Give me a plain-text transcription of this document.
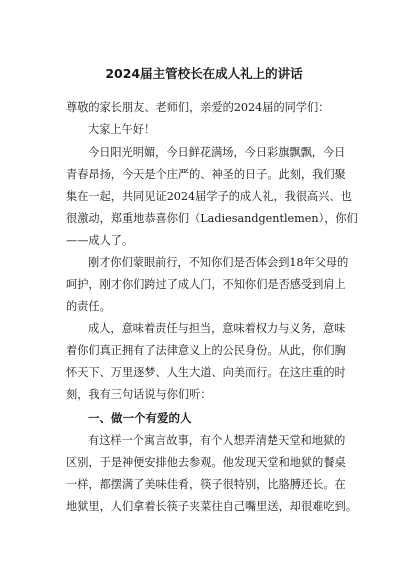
2024届主管校长在成人礼上的讲话
尊敬的家长朋友、老师们，亲爱的2024届的同学们：
大家上午好！
今日阳光明媚，今日鲜花满场，今日彩旗飘飘，今日
青春昂扬，今天是个庄严的、神圣的日子。此刻，我们聚
集在一起，共同见证2024届学子的成人礼，我很高兴、也
很激动，郑重地恭喜你们（Ladiesandgentlemen），你们
——成人了。
刚才你们蒙眼前行，不知你们是否体会到18年父母的
呵护，刚才你们跨过了成人门，不知你们是否感受到肩上
的责任。
成人，意味着责任与担当，意味着权力与义务，意味
着你们真正拥有了法律意义上的公民身份。从此，你们胸
怀天下、万里逐梦、人生大道、向美而行。在这庄重的时
刻，我有三句话说与你们听：
一、做一个有爱的人
有这样一个寓言故事，有个人想弄清楚天堂和地狱的
区别，于是神便安排他去参观。他发现天堂和地狱的餐桌
一样，都摆满了美味佳肴，筷子很特别，比胳膊还长。在
地狱里，人们拿着长筷子夹菜往自己嘴里送，却很难吃到。
